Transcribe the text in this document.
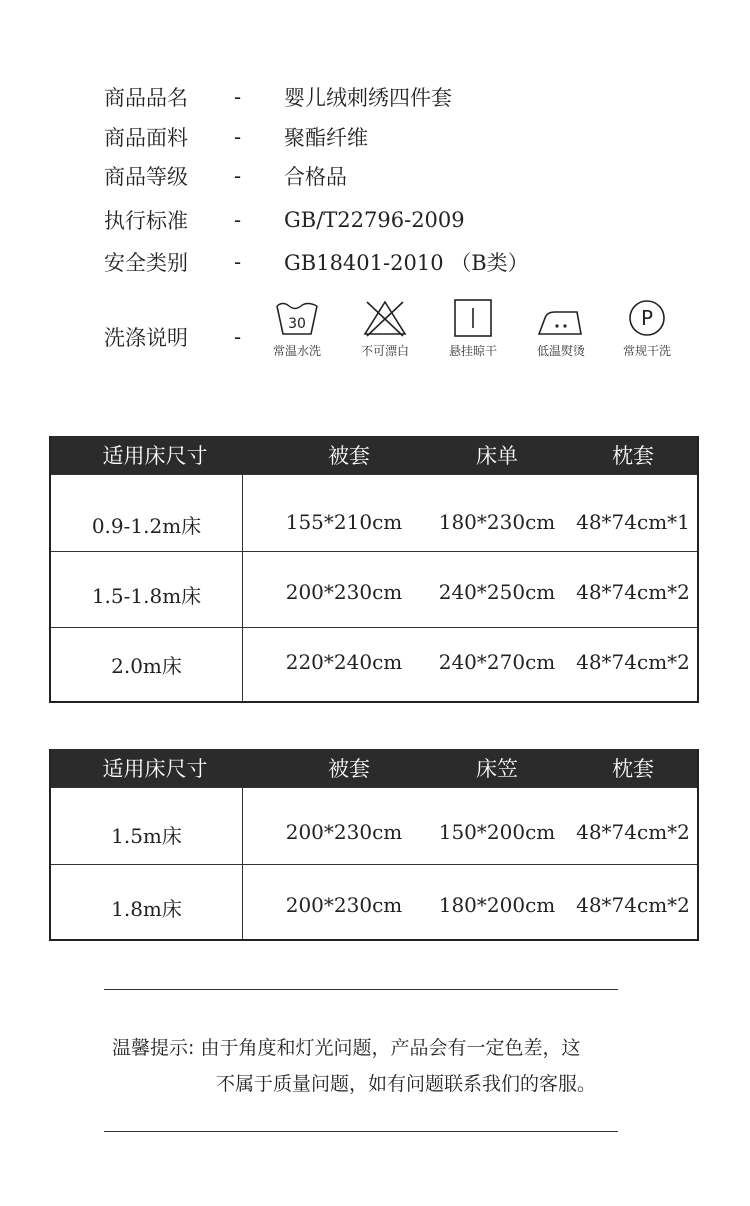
商品品名	-	婴儿绒刺绣四件套
商品面料	-	聚酯纤维
商品等级	-	合格品
执行标准	-	GB/T22796-2009
安全类别	-	GB18401-2010 （B类）
洗涤说明	-
30
常温水洗	不可漂白	悬挂晾干	低温熨烫
P
常规干洗
适用床尺寸	被套	床单	枕套
0.9-1.2m床	155*210cm	180*230cm	48*74cm*1
1.5-1.8m床	200*230cm	240*250cm	48*74cm*2
2.0m床	220*240cm	240*270cm	48*74cm*2
适用床尺寸	被套	床笠	枕套
1.5m床	200*230cm	150*200cm	48*74cm*2
1.8m床	200*230cm	180*200cm	48*74cm*2
温馨提示: 由于角度和灯光问题，产品会有一定色差，这
不属于质量问题，如有问题联系我们的客服。
